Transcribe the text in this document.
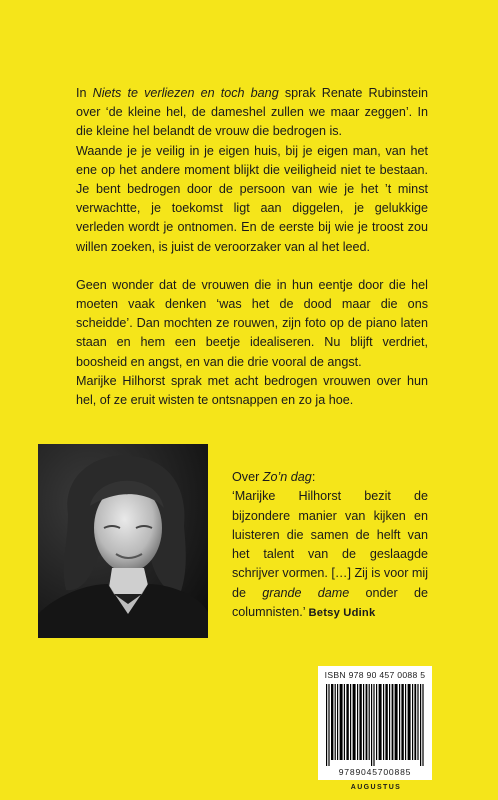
In Niets te verliezen en toch bang sprak Renate Rubinstein over ‘de kleine hel, de dameshel zullen we maar zeggen’. In die kleine hel belandt de vrouw die bedrogen is.

Waande je je veilig in je eigen huis, bij je eigen man, van het ene op het andere moment blijkt die veiligheid niet te bestaan. Je bent bedrogen door de persoon van wie je het ’t minst verwachtte, je toekomst ligt aan diggelen, je gelukkige verleden wordt je ontnomen. En de eerste bij wie je troost zou willen zoeken, is juist de veroorzaker van al het leed.

Geen wonder dat de vrouwen die in hun eentje door die hel moeten vaak denken ‘was het de dood maar die ons scheidde’. Dan mochten ze rouwen, zijn foto op de piano laten staan en hem een beetje idealiseren. Nu blijft verdriet, boosheid en angst, en van die drie vooral de angst.

Marijke Hilhorst sprak met acht bedrogen vrouwen over hun hel, of ze eruit wisten te ontsnappen en zo ja hoe.

Over Zo’n dag:

‘Marijke Hilhorst bezit de bijzondere manier van kijken en luisteren die samen de helft van het talent van de geslaagde schrijver vormen. […] Zij is voor mij de grande dame onder de columnisten.’ Betsy Udink

ISBN 978 90 457 0088 5
9789045700885
AUGUSTUS
